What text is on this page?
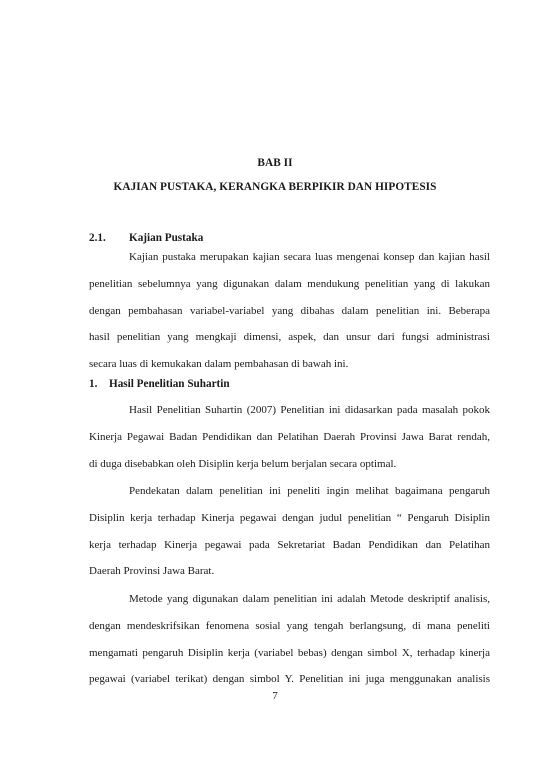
BAB II
KAJIAN PUSTAKA, KERANGKA BERPIKIR DAN HIPOTESIS
2.1. Kajian Pustaka
Kajian pustaka merupakan kajian secara luas mengenai konsep dan kajian hasil
penelitian sebelumnya yang digunakan dalam mendukung penelitian yang di lakukan
dengan pembahasan variabel-variabel yang dibahas dalam penelitian ini. Beberapa
hasil penelitian yang mengkaji dimensi, aspek, dan unsur dari fungsi administrasi
secara luas di kemukakan dalam pembahasan di bawah ini.
1. Hasil Penelitian Suhartin
Hasil Penelitian Suhartin (2007) Penelitian ini didasarkan pada masalah pokok
Kinerja Pegawai Badan Pendidikan dan Pelatihan Daerah Provinsi Jawa Barat rendah,
di duga disebabkan oleh Disiplin kerja belum berjalan secara optimal.
Pendekatan dalam penelitian ini peneliti ingin melihat bagaimana pengaruh
Disiplin kerja terhadap Kinerja pegawai dengan judul penelitian “ Pengaruh Disiplin
kerja terhadap Kinerja pegawai pada Sekretariat Badan Pendidikan dan Pelatihan
Daerah Provinsi Jawa Barat.
Metode yang digunakan dalam penelitian ini adalah Metode deskriptif analisis,
dengan mendeskrifsikan fenomena sosial yang tengah berlangsung, di mana peneliti
mengamati pengaruh Disiplin kerja (variabel bebas) dengan simbol X, terhadap kinerja
pegawai (variabel terikat) dengan simbol Y. Penelitian ini juga menggunakan analisis
7
